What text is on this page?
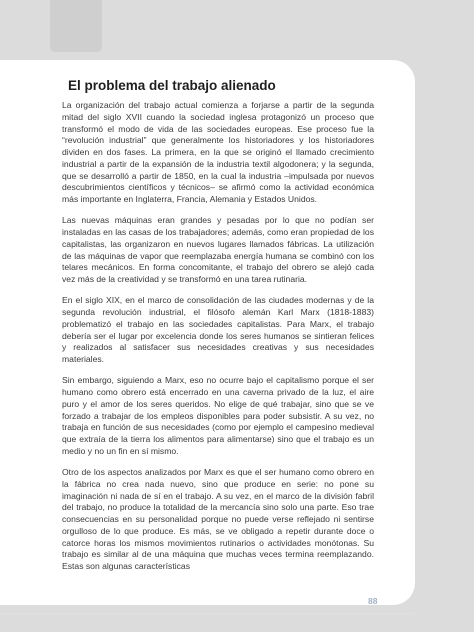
El problema del trabajo alienado

La organización del trabajo actual comienza a forjarse a partir de la segunda mitad del siglo XVII cuando la sociedad inglesa protagonizó un proceso que transformó el modo de vida de las sociedades europeas. Ese proceso fue la “revolución industrial” que generalmente los historiadores y los historiadores dividen en dos fases. La primera, en la que se originó el llamado crecimiento industrial a partir de la expansión de la industria textil algodonera; y la segunda, que se desarrolló a partir de 1850, en la cual la industria –impulsada por nuevos descubrimientos científicos y técnicos– se afirmó como la actividad económica más importante en Inglaterra, Francia, Alemania y Estados Unidos.

Las nuevas máquinas eran grandes y pesadas por lo que no podían ser instaladas en las casas de los trabajadores; además, como eran propiedad de los capitalistas, las organizaron en nuevos lugares llamados fábricas. La utilización de las máquinas de vapor que reemplazaba energía humana se combinó con los telares mecánicos. En forma concomitante, el trabajo del obrero se alejó cada vez más de la creatividad y se transformó en una tarea rutinaria.

En el siglo XIX, en el marco de consolidación de las ciudades modernas y de la segunda revolución industrial, el filósofo alemán Karl Marx (1818-1883) problematizó el trabajo en las sociedades capitalistas. Para Marx, el trabajo debería ser el lugar por excelencia donde los seres humanos se sintieran felices y realizados al satisfacer sus necesidades creativas y sus necesidades materiales.

Sin embargo, siguiendo a Marx, eso no ocurre bajo el capitalismo porque el ser humano como obrero está encerrado en una caverna privado de la luz, el aire puro y el amor de los seres queridos. No elige de qué trabajar, sino que se ve forzado a trabajar de los empleos disponibles para poder subsistir. A su vez, no trabaja en función de sus necesidades (como por ejemplo el campesino medieval que extraía de la tierra los alimentos para alimentarse) sino que el trabajo es un medio y no un fin en sí mismo.

Otro de los aspectos analizados por Marx es que el ser humano como obrero en la fábrica no crea nada nuevo, sino que produce en serie: no pone su imaginación ni nada de sí en el trabajo. A su vez, en el marco de la división fabril del trabajo, no produce la totalidad de la mercancía sino solo una parte. Eso trae consecuencias en su personalidad porque no puede verse reflejado ni sentirse orgulloso de lo que produce. Es más, se ve obligado a repetir durante doce o catorce horas los mismos movimientos rutinarios o actividades monótonas. Su trabajo es similar al de una máquina que muchas veces termina reemplazando. Estas son algunas características

88
